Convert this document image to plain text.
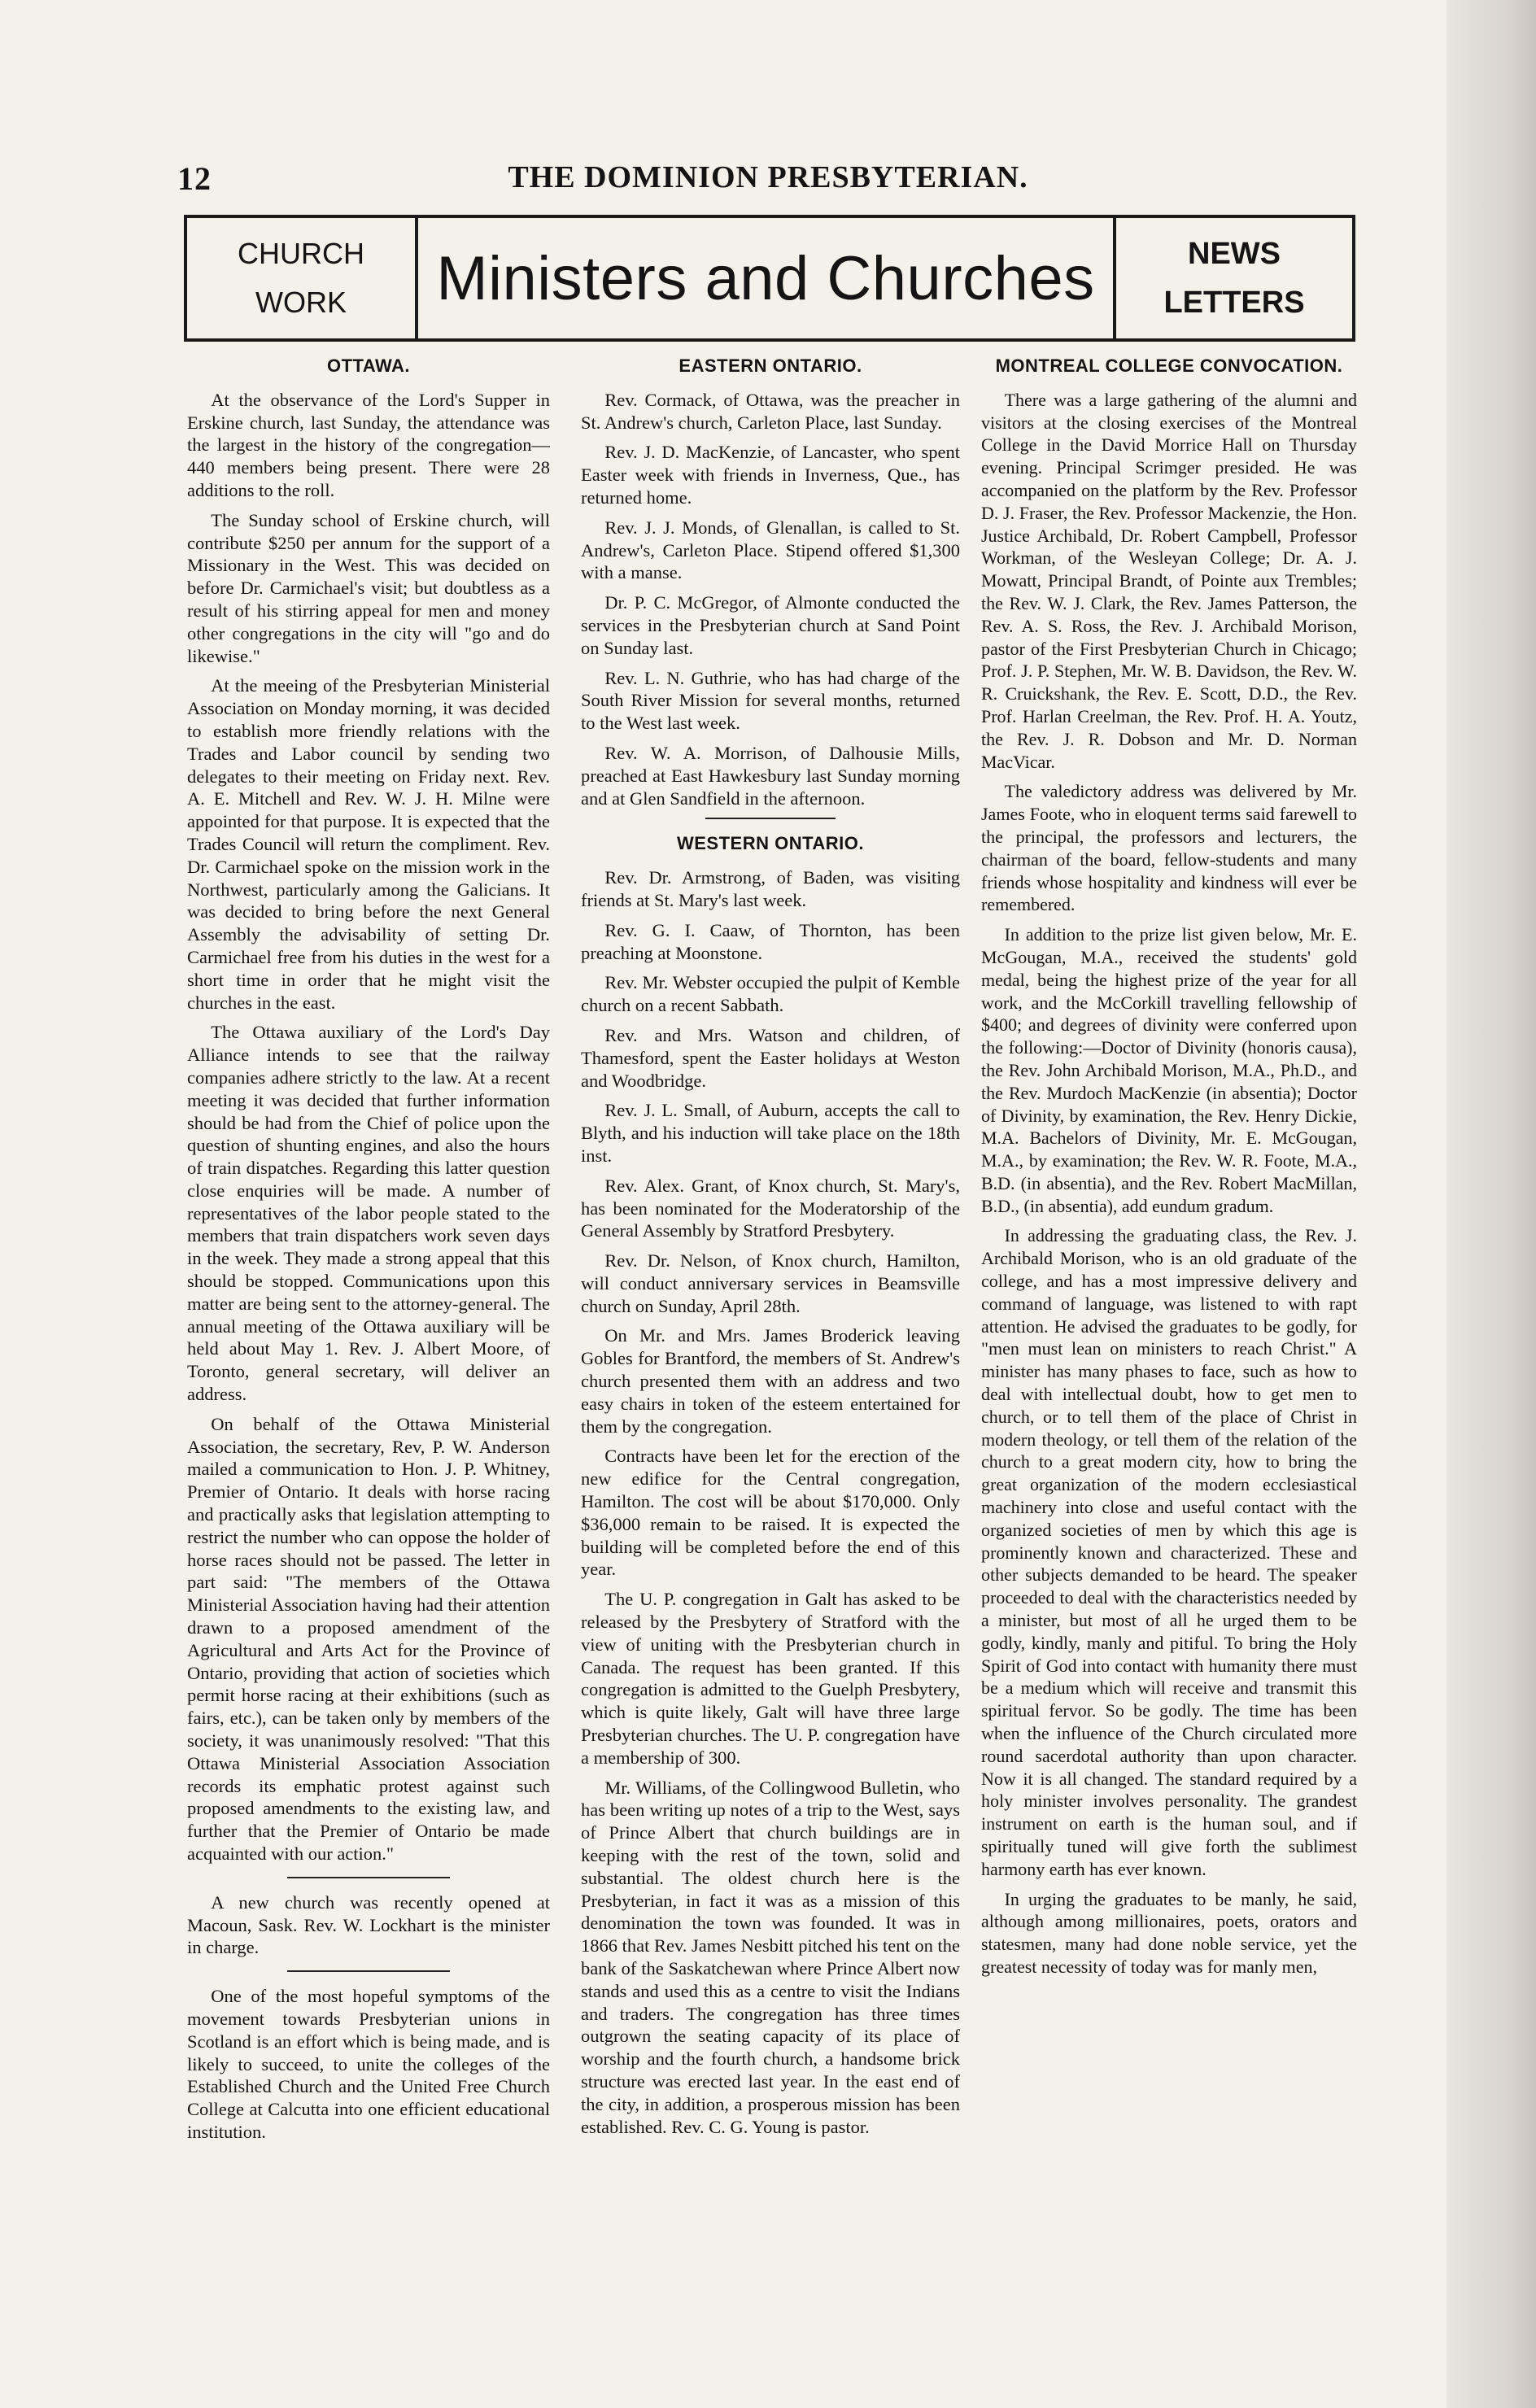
12	THE DOMINION PRESBYTERIAN.
CHURCH
WORK	Ministers and Churches	NEWS
LETTERS
OTTAWA.

At the observance of the Lord's Supper in Erskine church, last Sunday, the attendance was the largest in the history of the congregation—440 members being present. There were 28 additions to the roll.

The Sunday school of Erskine church, will contribute $250 per annum for the support of a Missionary in the West. This was decided on before Dr. Carmichael's visit; but doubtless as a result of his stirring appeal for men and money other congregations in the city will "go and do likewise."

At the meeing of the Presbyterian Ministerial Association on Monday morning, it was decided to establish more friendly relations with the Trades and Labor council by sending two delegates to their meeting on Friday next. Rev. A. E. Mitchell and Rev. W. J. H. Milne were appointed for that purpose. It is expected that the Trades Council will return the compliment. Rev. Dr. Carmichael spoke on the mission work in the Northwest, particularly among the Galicians. It was decided to bring before the next General Assembly the advisability of setting Dr. Carmichael free from his duties in the west for a short time in order that he might visit the churches in the east.

The Ottawa auxiliary of the Lord's Day Alliance intends to see that the railway companies adhere strictly to the law. At a recent meeting it was decided that further information should be had from the Chief of police upon the question of shunting engines, and also the hours of train dispatches. Regarding this latter question close enquiries will be made. A number of representatives of the labor people stated to the members that train dispatchers work seven days in the week. They made a strong appeal that this should be stopped. Communications upon this matter are being sent to the attorney-general. The annual meeting of the Ottawa auxiliary will be held about May 1. Rev. J. Albert Moore, of Toronto, general secretary, will deliver an address.

On behalf of the Ottawa Ministerial Association, the secretary, Rev, P. W. Anderson mailed a communication to Hon. J. P. Whitney, Premier of Ontario. It deals with horse racing and practically asks that legislation attempting to restrict the number who can oppose the holder of horse races should not be passed. The letter in part said: "The members of the Ottawa Ministerial Association having had their attention drawn to a proposed amendment of the Agricultural and Arts Act for the Province of Ontario, providing that action of societies which permit horse racing at their exhibitions (such as fairs, etc.), can be taken only by members of the society, it was unanimously resolved: "That this Ottawa Ministerial Association Association records its emphatic protest against such proposed amendments to the existing law, and further that the Premier of Ontario be made acquainted with our action."

A new church was recently opened at Macoun, Sask. Rev. W. Lockhart is the minister in charge.

One of the most hopeful symptoms of the movement towards Presbyterian unions in Scotland is an effort which is being made, and is likely to succeed, to unite the colleges of the Established Church and the United Free Church College at Calcutta into one efficient educational institution.

EASTERN ONTARIO.

Rev. Cormack, of Ottawa, was the preacher in St. Andrew's church, Carleton Place, last Sunday.

Rev. J. D. MacKenzie, of Lancaster, who spent Easter week with friends in Inverness, Que., has returned home.

Rev. J. J. Monds, of Glenallan, is called to St. Andrew's, Carleton Place. Stipend offered $1,300 with a manse.

Dr. P. C. McGregor, of Almonte conducted the services in the Presbyterian church at Sand Point on Sunday last.

Rev. L. N. Guthrie, who has had charge of the South River Mission for several months, returned to the West last week.

Rev. W. A. Morrison, of Dalhousie Mills, preached at East Hawkesbury last Sunday morning and at Glen Sandfield in the afternoon.

WESTERN ONTARIO.

Rev. Dr. Armstrong, of Baden, was visiting friends at St. Mary's last week.

Rev. G. I. Caaw, of Thornton, has been preaching at Moonstone.

Rev. Mr. Webster occupied the pulpit of Kemble church on a recent Sabbath.

Rev. and Mrs. Watson and children, of Thamesford, spent the Easter holidays at Weston and Woodbridge.

Rev. J. L. Small, of Auburn, accepts the call to Blyth, and his induction will take place on the 18th inst.

Rev. Alex. Grant, of Knox church, St. Mary's, has been nominated for the Moderatorship of the General Assembly by Stratford Presbytery.

Rev. Dr. Nelson, of Knox church, Hamilton, will conduct anniversary services in Beamsville church on Sunday, April 28th.

On Mr. and Mrs. James Broderick leaving Gobles for Brantford, the members of St. Andrew's church presented them with an address and two easy chairs in token of the esteem entertained for them by the congregation.

Contracts have been let for the erection of the new edifice for the Central congregation, Hamilton. The cost will be about $170,000. Only $36,000 remain to be raised. It is expected the building will be completed before the end of this year.

The U. P. congregation in Galt has asked to be released by the Presbytery of Stratford with the view of uniting with the Presbyterian church in Canada. The request has been granted. If this congregation is admitted to the Guelph Presbytery, which is quite likely, Galt will have three large Presbyterian churches. The U. P. congregation have a membership of 300.

Mr. Williams, of the Collingwood Bulletin, who has been writing up notes of a trip to the West, says of Prince Albert that church buildings are in keeping with the rest of the town, solid and substantial. The oldest church here is the Presbyterian, in fact it was as a mission of this denomination the town was founded. It was in 1866 that Rev. James Nesbitt pitched his tent on the bank of the Saskatchewan where Prince Albert now stands and used this as a centre to visit the Indians and traders. The congregation has three times outgrown the seating capacity of its place of worship and the fourth church, a handsome brick structure was erected last year. In the east end of the city, in addition, a prosperous mission has been established. Rev. C. G. Young is pastor.

MONTREAL COLLEGE CONVOCATION.

There was a large gathering of the alumni and visitors at the closing exercises of the Montreal College in the David Morrice Hall on Thursday evening. Principal Scrimger presided. He was accompanied on the platform by the Rev. Professor D. J. Fraser, the Rev. Professor Mackenzie, the Hon. Justice Archibald, Dr. Robert Campbell, Professor Workman, of the Wesleyan College; Dr. A. J. Mowatt, Principal Brandt, of Pointe aux Trembles; the Rev. W. J. Clark, the Rev. James Patterson, the Rev. A. S. Ross, the Rev. J. Archibald Morison, pastor of the First Presbyterian Church in Chicago; Prof. J. P. Stephen, Mr. W. B. Davidson, the Rev. W. R. Cruickshank, the Rev. E. Scott, D.D., the Rev. Prof. Harlan Creelman, the Rev. Prof. H. A. Youtz, the Rev. J. R. Dobson and Mr. D. Norman MacVicar.

The valedictory address was delivered by Mr. James Foote, who in eloquent terms said farewell to the principal, the professors and lecturers, the chairman of the board, fellow-students and many friends whose hospitality and kindness will ever be remembered.

In addition to the prize list given below, Mr. E. McGougan, M.A., received the students' gold medal, being the highest prize of the year for all work, and the McCorkill travelling fellowship of $400; and degrees of divinity were conferred upon the following:—Doctor of Divinity (honoris causa), the Rev. John Archibald Morison, M.A., Ph.D., and the Rev. Murdoch MacKenzie (in absentia); Doctor of Divinity, by examination, the Rev. Henry Dickie, M.A. Bachelors of Divinity, Mr. E. McGougan, M.A., by examination; the Rev. W. R. Foote, M.A., B.D. (in absentia), and the Rev. Robert MacMillan, B.D., (in absentia), add eundum gradum.

In addressing the graduating class, the Rev. J. Archibald Morison, who is an old graduate of the college, and has a most impressive delivery and command of language, was listened to with rapt attention. He advised the graduates to be godly, for "men must lean on ministers to reach Christ." A minister has many phases to face, such as how to deal with intellectual doubt, how to get men to church, or to tell them of the place of Christ in modern theology, or tell them of the relation of the church to a great modern city, how to bring the great organization of the modern ecclesiastical machinery into close and useful contact with the organized societies of men by which this age is prominently known and characterized. These and other subjects demanded to be heard. The speaker proceeded to deal with the characteristics needed by a minister, but most of all he urged them to be godly, kindly, manly and pitiful. To bring the Holy Spirit of God into contact with humanity there must be a medium which will receive and transmit this spiritual fervor. So be godly. The time has been when the influence of the Church circulated more round sacerdotal authority than upon character. Now it is all changed. The standard required by a holy minister involves personality. The grandest instrument on earth is the human soul, and if spiritually tuned will give forth the sublimest harmony earth has ever known.

In urging the graduates to be manly, he said, although among millionaires, poets, orators and statesmen, many had done noble service, yet the greatest necessity of today was for manly men,
